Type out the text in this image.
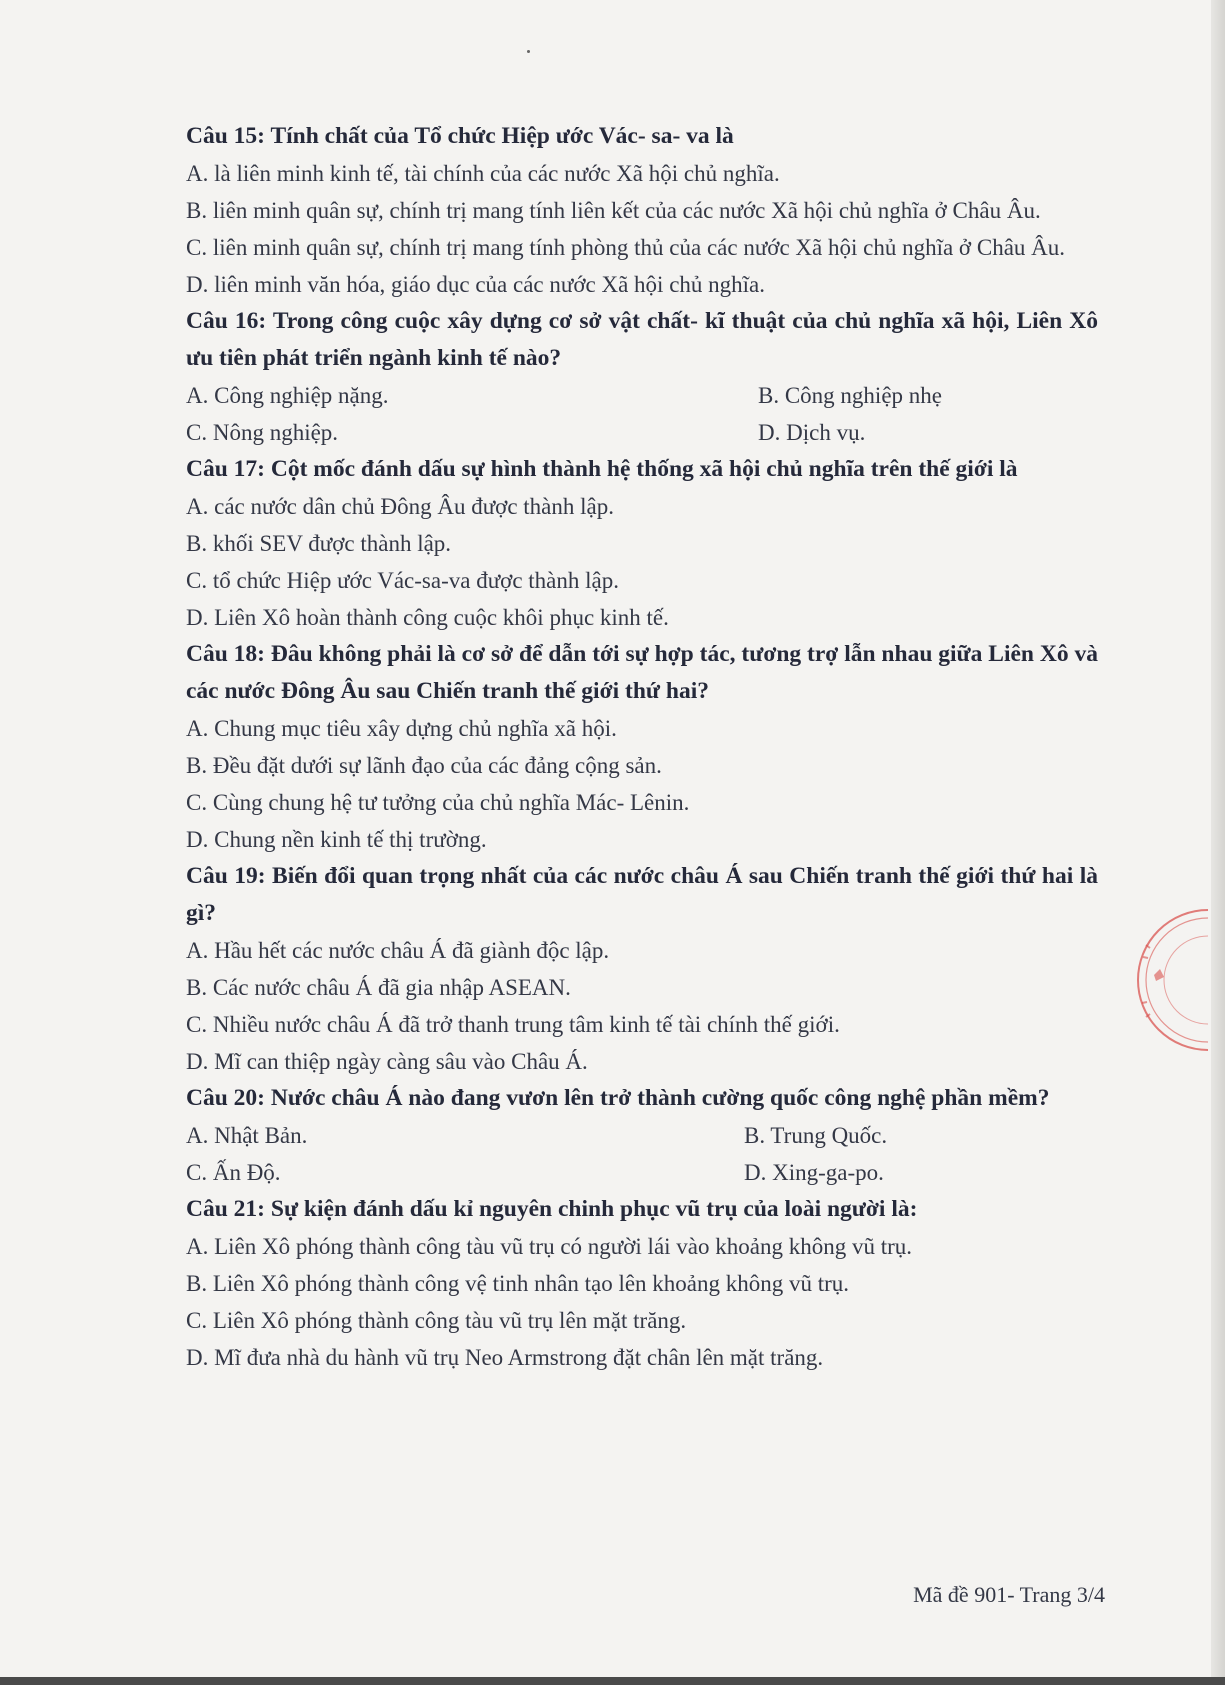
Câu 15: Tính chất của Tổ chức Hiệp ước Vác- sa- va là

A. là liên minh kinh tế, tài chính của các nước Xã hội chủ nghĩa.

B. liên minh quân sự, chính trị mang tính liên kết của các nước Xã hội chủ nghĩa ở Châu Âu.

C. liên minh quân sự, chính trị mang tính phòng thủ của các nước Xã hội chủ nghĩa ở Châu Âu.

D. liên minh văn hóa, giáo dục của các nước Xã hội chủ nghĩa.

Câu 16: Trong công cuộc xây dựng cơ sở vật chất- kĩ thuật của chủ nghĩa xã hội, Liên Xô ưu tiên phát triển ngành kinh tế nào?

A. Công nghiệp nặng.	B. Công nghiệp nhẹ

C. Nông nghiệp.	D. Dịch vụ.

Câu 17: Cột mốc đánh dấu sự hình thành hệ thống xã hội chủ nghĩa trên thế giới là

A. các nước dân chủ Đông Âu được thành lập.

B. khối SEV được thành lập.

C. tổ chức Hiệp ước Vác-sa-va được thành lập.

D. Liên Xô hoàn thành công cuộc khôi phục kinh tế.

Câu 18: Đâu không phải là cơ sở để dẫn tới sự hợp tác, tương trợ lẫn nhau giữa Liên Xô và các nước Đông Âu sau Chiến tranh thế giới thứ hai?

A. Chung mục tiêu xây dựng chủ nghĩa xã hội.

B. Đều đặt dưới sự lãnh đạo của các đảng cộng sản.

C. Cùng chung hệ tư tưởng của chủ nghĩa Mác- Lênin.

D. Chung nền kinh tế thị trường.

Câu 19: Biến đổi quan trọng nhất của các nước châu Á sau Chiến tranh thế giới thứ hai là gì?

A. Hầu hết các nước châu Á đã giành độc lập.

B. Các nước châu Á đã gia nhập ASEAN.

C. Nhiều nước châu Á đã trở thanh trung tâm kinh tế tài chính thế giới.

D. Mĩ can thiệp ngày càng sâu vào Châu Á.

Câu 20: Nước châu Á nào đang vươn lên trở thành cường quốc công nghệ phần mềm?

A. Nhật Bản.	B. Trung Quốc.

C. Ấn Độ.	D. Xing-ga-po.

Câu 21: Sự kiện đánh dấu kỉ nguyên chinh phục vũ trụ của loài người là:

A. Liên Xô phóng thành công tàu vũ trụ có người lái vào khoảng không vũ trụ.

B. Liên Xô phóng thành công vệ tinh nhân tạo lên khoảng không vũ trụ.

C. Liên Xô phóng thành công tàu vũ trụ lên mặt trăng.

D. Mĩ đưa nhà du hành vũ trụ Neo Armstrong đặt chân lên mặt trăng.

Mã đề 901- Trang 3/4
